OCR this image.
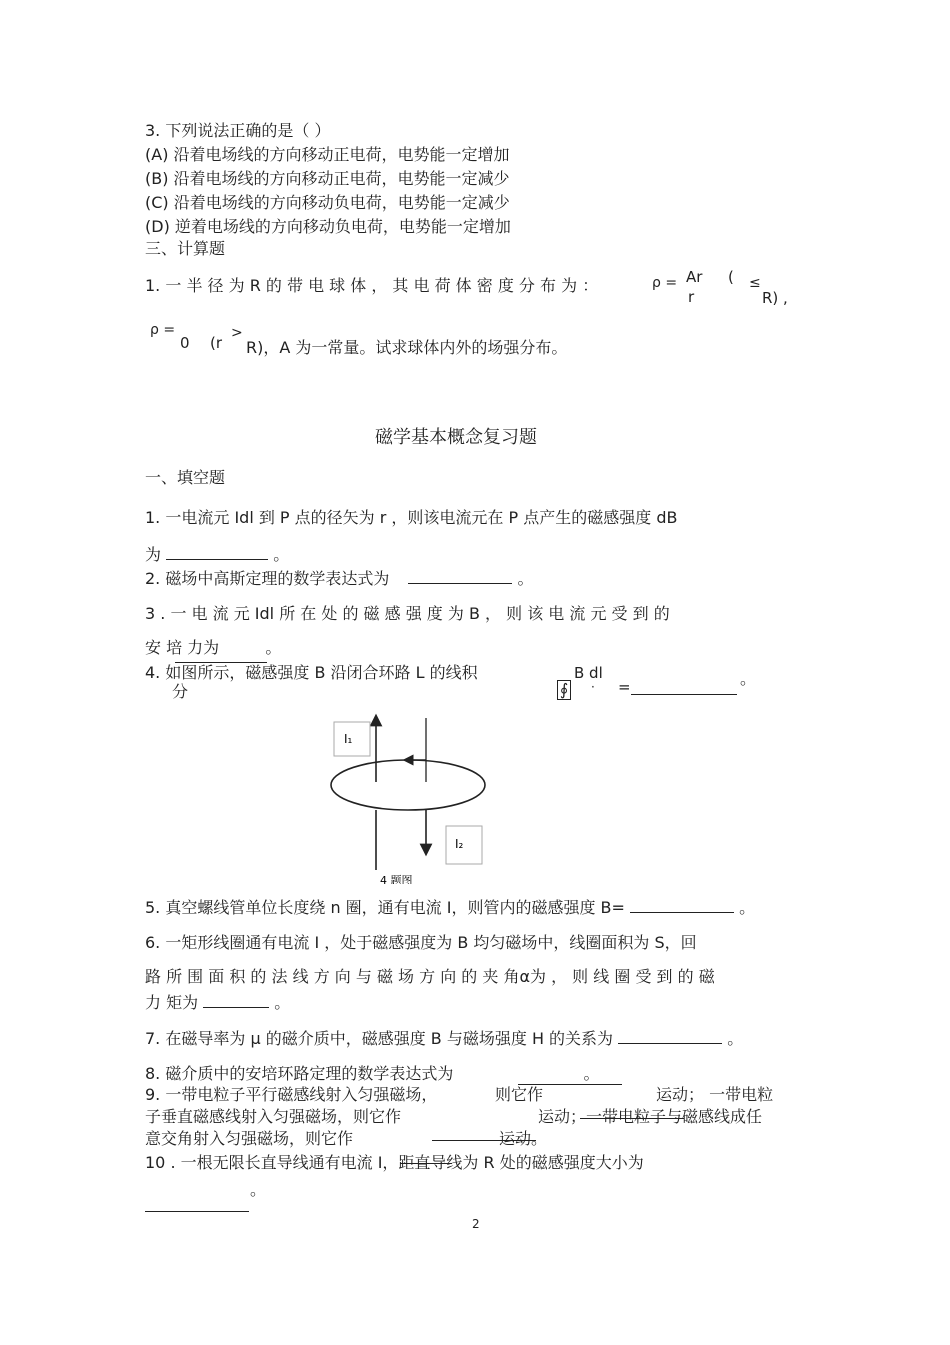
3. 下列说法正确的是（ ）
(A) 沿着电场线的方向移动正电荷，电势能一定增加
(B) 沿着电场线的方向移动正电荷，电势能一定减少
(C) 沿着电场线的方向移动负电荷，电势能一定减少
(D) 逆着电场线的方向移动负电荷，电势能一定增加
三、计算题
1. 一 半 径 为 R 的 带 电 球 体 ， 其 电 荷 体 密 度 分 布 为 ：	ρ = Ar
r
( ≤
R) ,
ρ =
0 (r
>
R)，A 为一常量。试求球体内外的场强分布。
磁学基本概念复习题
一、填空题
1. 一电流元 Idl 到 P 点的径矢为 r ，则该电流元在 P 点产生的磁感强度 dB
为	。
2. 磁场中高斯定理的数学表达式为	。
3 . 一 电 流 元 Idl 所 在 处 的 磁 感 强 度 为 B ， 则 该 电 流 元 受 到 的
安 培 力为	。
4. 如图所示，磁感强度 B 沿闭合环路 L 的线积
分	∮
B dl
· =	。
I₁
I₂
4 题图
5. 真空螺线管单位长度绕 n 圈，通有电流 I，则管内的磁感强度 B=	。
6. 一矩形线圈通有电流 I ，处于磁感强度为 B 均匀磁场中，线圈面积为 S，回
路 所 围 面 积 的 法 线 方 向 与 磁 场 方 向 的 夹 角α为 ， 则 线 圈 受 到 的 磁
力 矩为	。
7. 在磁导率为 μ 的磁介质中，磁感强度 B 与磁场强度 H 的关系为	。
8. 磁介质中的安培环路定理的数学表达式为	。
9. 一带电粒子平行磁感线射入匀强磁场，	则它作	运动； 一带电粒
子垂直磁感线射入匀强磁场，则它作	运动；一带电粒子与磁感线成任
意交角射入匀强磁场，则它作	运动。
10 . 一根无限长直导线通有电流 I，距直导线为 R 处的磁感强度大小为
。
2
